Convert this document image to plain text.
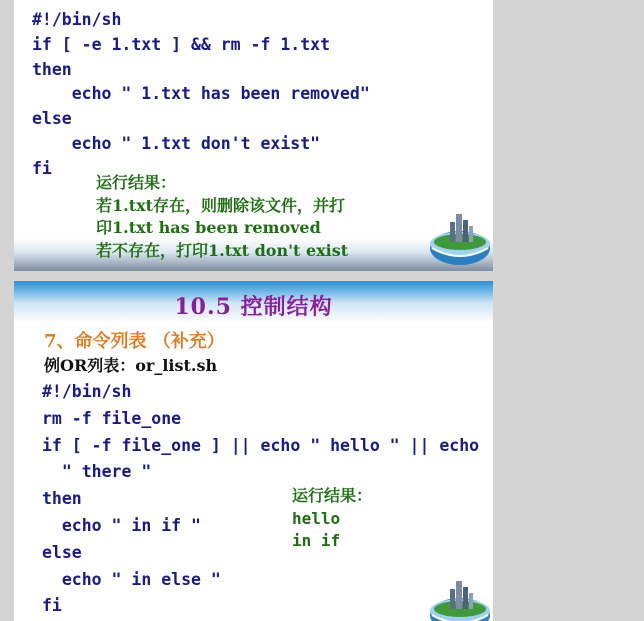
#!/bin/sh
if [ -e 1.txt ] && rm -f 1.txt
then
echo " 1.txt has been removed"
else
echo " 1.txt don't exist"
fi
运行结果：
若1.txt存在，则删除该文件，并打
印1.txt has been removed
若不存在，打印1.txt don't exist
10.5 控制结构
7、命令列表 （补充）
例OR列表：or_list.sh
#!/bin/sh
rm -f file_one
if [ -f file_one ] || echo " hello " || echo
" there "
then
echo " in if "
else
echo " in else "
fi
运行结果：
hello
in if
